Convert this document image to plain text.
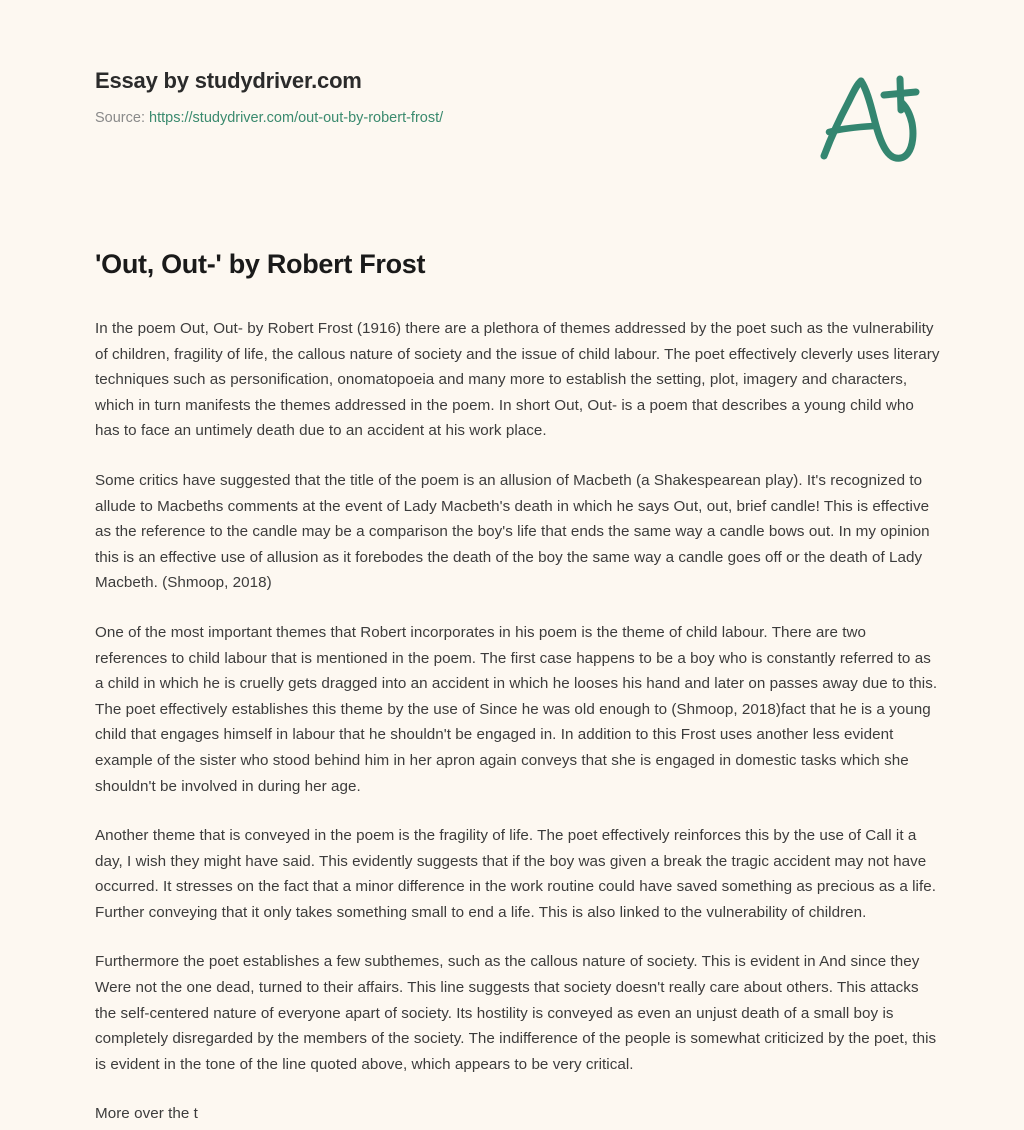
Essay by studydriver.com
Source: https://studydriver.com/out-out-by-robert-frost/
'Out, Out-' by Robert Frost

In the poem Out, Out- by Robert Frost (1916) there are a plethora of themes addressed by the poet such as the vulnerability of children, fragility of life, the callous nature of society and the issue of child labour. The poet effectively cleverly uses literary techniques such as personification, onomatopoeia and many more to establish the setting, plot, imagery and characters, which in turn manifests the themes addressed in the poem. In short Out, Out- is a poem that describes a young child who has to face an untimely death due to an accident at his work place.

Some critics have suggested that the title of the poem is an allusion of Macbeth (a Shakespearean play). It's recognized to allude to Macbeths comments at the event of Lady Macbeth's death in which he says Out, out, brief candle! This is effective as the reference to the candle may be a comparison the boy's life that ends the same way a candle bows out. In my opinion this is an effective use of allusion as it forebodes the death of the boy the same way a candle goes off or the death of Lady Macbeth. (Shmoop, 2018)

One of the most important themes that Robert incorporates in his poem is the theme of child labour. There are two references to child labour that is mentioned in the poem. The first case happens to be a boy who is constantly referred to as a child in which he is cruelly gets dragged into an accident in which he looses his hand and later on passes away due to this. The poet effectively establishes this theme by the use of Since he was old enough to (Shmoop, 2018)fact that he is a young child that engages himself in labour that he shouldn't be engaged in. In addition to this Frost uses another less evident example of the sister who stood behind him in her apron again conveys that she is engaged in domestic tasks which she shouldn't be involved in during her age.

Another theme that is conveyed in the poem is the fragility of life. The poet effectively reinforces this by the use of Call it a day, I wish they might have said. This evidently suggests that if the boy was given a break the tragic accident may not have occurred. It stresses on the fact that a minor difference in the work routine could have saved something as precious as a life. Further conveying that it only takes something small to end a life. This is also linked to the vulnerability of children.

Furthermore the poet establishes a few subthemes, such as the callous nature of society. This is evident in And since they Were not the one dead, turned to their affairs. This line suggests that society doesn't really care about others. This attacks the self-centered nature of everyone apart of society. Its hostility is conveyed as even an unjust death of a small boy is completely disregarded by the members of the society. The indifference of the people is somewhat criticized by the poet, this is evident in the tone of the line quoted above, which appears to be very critical.

More over the t
